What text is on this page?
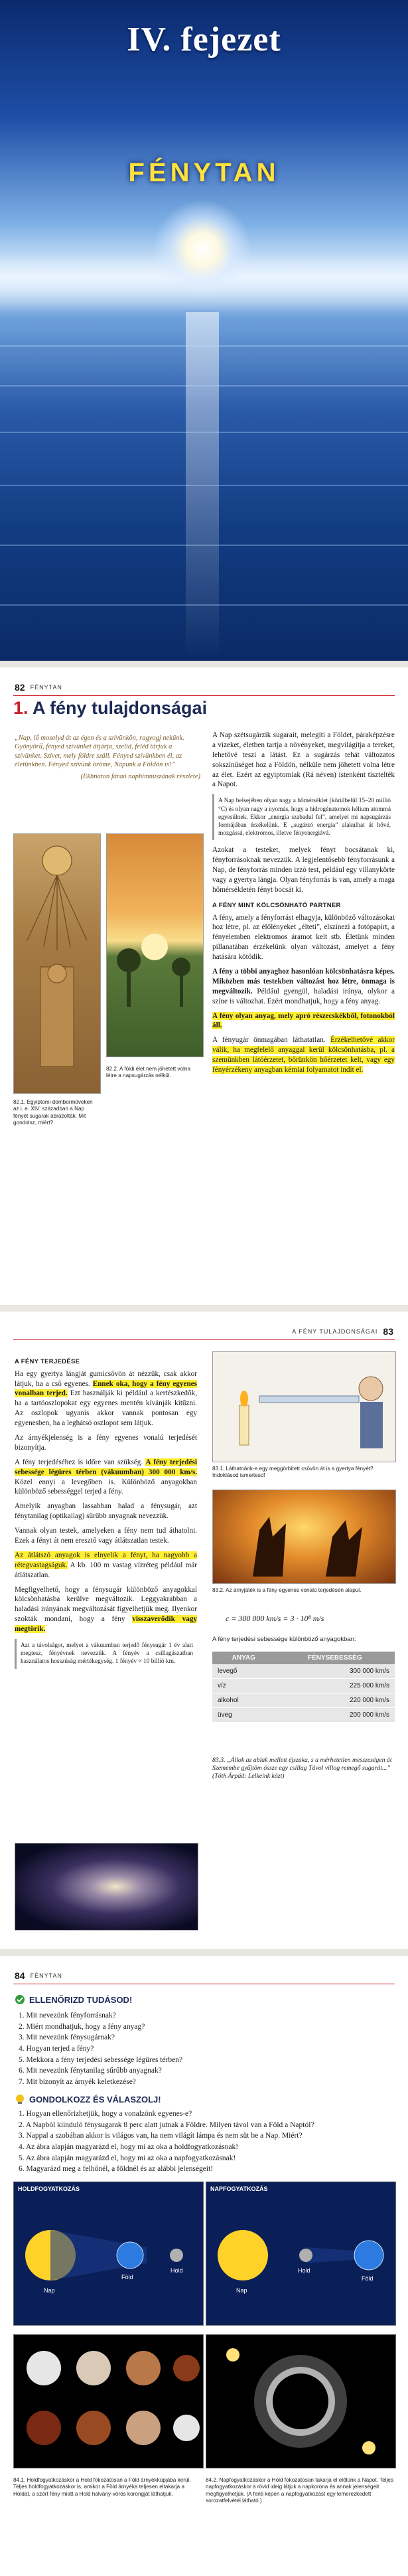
IV. fejezet
FÉNYTAN
82 FÉNYTAN
1. A fény tulajdonságai
„Nap, lő mosolyd át az égen és a szívünkön, ragyogj nekünk. Gyönyörű, fényed szívünket átjárja, szelíd, feléd tárjuk a szívünket. Szívet, mely földre száll. Fényed szívünkben él, az életünkben. Fényed szívünk öröme, Napunk a Földön is!”
(Ekhnaton fáraó naphimnuszának részlete)
82.1. Egyiptomi domborműveken az i. e. XIV. században a Nap fényét sugarak ábrázolták. Mit gondolsz, miért?
82.2. A földi élet nem jöhetett volna létre a napsugárzás nélkül.

A Nap szétsugárzik sugarait, melegíti a Földet, páraképzésre a vizeket, életben tartja a növényeket, megvilágítja a tereket, lehetővé teszi a látást. Ez a sugárzás tehát változatos sokszínűséget hoz a Földön, nélküle nem jöhetett volna létre az élet. Ezért az egyiptomiak (Rá néven) istenként tisztelték a Napot.

A Nap belsejében olyan nagy a hőmérséklet (körülbelül 15–20 millió °C) és olyan nagy a nyomás, hogy a hidrogénatomok hélium atommá egyesülnek. Ekkor „energia szabadul fel”, amelyet mi napsugárzás formájában érzékelünk. E „sugárzó energia” alakulhat át hővé, mozgássá, elektromos, illetve fényenergiává.

Azokat a testeket, melyek fényt bocsátanak ki, fényforrásoknak nevezzük. A legjelentősebb fényforrásunk a Nap, de fényforrás minden izzó test, például egy villanykörte vagy a gyertya lángja. Olyan fényforrás is van, amely a maga hőmérsékletén fényt bocsát ki.

A FÉNY MINT KÖLCSÖNHATÓ PARTNER

A fény, amely a fényforrást elhagyja, különböző változásokat hoz létre, pl. az élőlényeket „élteti”, elszínezi a fotópapírt, a fényelemben elektromos áramot kelt stb. Életünk minden pillanatában érzékelünk olyan változást, amelyet a fény hatására kötődik.

A fény a többi anyaghoz hasonlóan kölcsönhatásra képes. Miközben más testekben változást hoz létre, önmaga is megváltozik. Például gyengül, haladási iránya, olykor a színe is változhat. Ezért mondhatjuk, hogy a fény anyag.

A fény olyan anyag, mely apró részecskékből, fotonokból áll.

A fényugár önmagában láthatatlan. Érzékelhetővé akkor válik, ha megfelelő anyaggal kerül kölcsönhatásba, pl. a szemünkben látóérzetet, bőrünkön hőérzetet kelt, vagy egy fényérzékeny anyagban kémiai folyamatot indít el.

A FÉNY TULAJDONSÁGAI 83
A FÉNY TERJEDÉSE

Ha egy gyertya lángját gumicsővön át nézzük, csak akkor látjuk, ha a cső egyenes. Ennek oka, hogy a fény egyenes vonalban terjed. Ezt használják ki például a kertészkedők, ha a tartóoszlopokat egy egyenes mentén kívánják kitűzni. Az oszlopok ugyanis akkor vannak pontosan egy egyenesben, ha a leghátsó oszlopot sem látjuk.

Az árnyékjelenség is a fény egyenes vonalú terjedését bizonyítja.

A fény terjedéséhez is időre van szükség. A fény terjedési sebessége légüres térben (vákuumban) 300 000 km/s. Közel ennyi a levegőben is. Különböző anyagokban különböző sebességgel terjed a fény.

Amelyik anyagban lassabban halad a fénysugár, azt fénytanilag (optikailag) sűrűbb anyagnak nevezzük.

Vannak olyan testek, amelyeken a fény nem tud áthatolni. Ezek a fényt át nem eresztő vagy átlátszatlan testek.

Az átlátszó anyagok is elnyelik a fényt, ha nagyobb a rétegvastagságuk. A kb. 100 m vastag vízréteg például már átlátszatlan.

Megfigyelhető, hogy a fénysugár különböző anyagokkal kölcsönhatásba kerülve megváltozik. Leggyakrabban a haladási irányának megváltozását figyelhetjük meg. Ilyenkor szokták mondani, hogy a fény visszaverődik vagy megtörik.

Azt a távolságot, melyet a vákuumban terjedő fénysugár 1 év alatt megtesz, fényévnek nevezzük. A fényév a csillagászatban használatos hosszúság mértékegység. 1 fényév ≈ 10 billió km.
83.1. Láthatnánk-e egy meggörbített csövön át is a gyertya fényét? Indoklásod ismertesd!
83.2. Az árnyjáték is a fény egyenes vonalú terjedésén alapul.
c = 300 000 km/s = 3 · 10⁸ m/s
A fény terjedési sebessége különböző anyagokban:
ANYAG	FÉNYSEBESSÉG
levegő	300 000 km/s
víz	225 000 km/s
alkohol	220 000 km/s
üveg	200 000 km/s
83.3. „Állok az ablak mellett éjszaka, s a mérhetetlen messzeségen át Szemembe gyűjtöm össze egy csillag Távol villog remegő sugarát...” (Tóth Árpád: Lelkeink közt)
84 FÉNYTAN
ELLENŐRIZD TUDÁSOD!
1. Mit nevezünk fényforrásnak?
2. Miért mondhatjuk, hogy a fény anyag?
3. Mit nevezünk fénysugárnak?
4. Hogyan terjed a fény?
5. Mekkora a fény terjedési sebessége légüres térben?
6. Mit nevezünk fénytanilag sűrűbb anyagnak?
7. Mit bizonyít az árnyék keletkezése?
GONDOLKOZZ ÉS VÁLASZOLJ!
1. Hogyan ellenőrizhetjük, hogy a vonalzónk egyenes-e?
2. A Napból kiinduló fénysugarak 8 perc alatt jutnak a Földre. Milyen távol van a Föld a Naptól?
3. Nappal a szobában akkor is világos van, ha nem világít lámpa és nem süt be a Nap. Miért?
4. Az ábra alapján magyarázd el, hogy mi az oka a holdfogyatkozásnak!
5. Az ábra alapján magyarázd el, hogy mi az oka a napfogyatkozásnak!
6. Magyarázd meg a felhőnél, a földnél és az alábbi jelenségeit!
HOLDFOGYATKOZÁS
Nap
Föld
Hold
NAPFOGYATKOZÁS
Nap
Hold
Föld
84.1. Holdfogyatkozáskor a Hold fokozatosan a Föld árnyékkúpjába kerül. Teljes holdfogyatkozáskor is, amikor a Föld árnyéka teljesen eltakarja a Holdat, a szórt fény miatt a Hold halvány-vörös korongját láthatjuk.
84.2. Napfogyatkozáskor a Hold fokozatosan takarja el előlünk a Napot. Teljes napfogyatkozáskor a rövid ideig látjuk a napkorona és annak jelenségeit megfigyelhetjük. (A fenti képen a napfogyatkozást egy lemerezkedett sorozatfelvétel látható.)
